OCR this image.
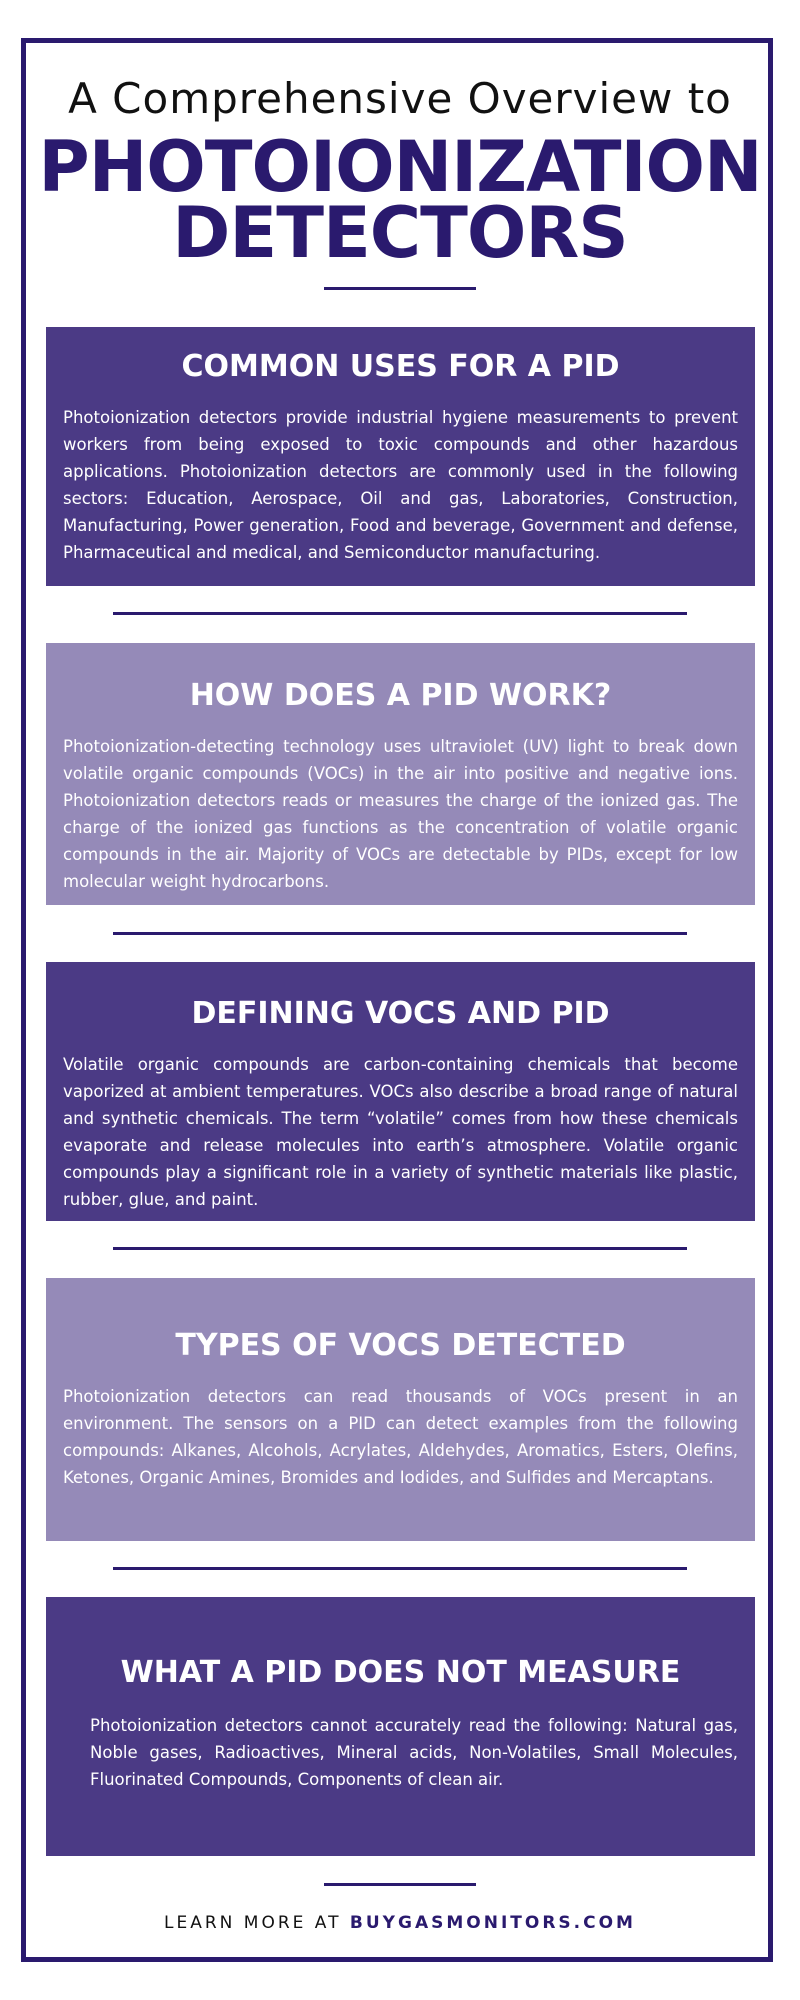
A Comprehensive Overview to
PHOTOIONIZATION
DETECTORS
COMMON USES FOR A PID

Photoionization detectors provide industrial hygiene measurements to prevent workers from being exposed to toxic compounds and other hazardous applications. Photoionization detectors are commonly used in the following sectors: Education, Aerospace, Oil and gas, Laboratories, Construction, Manufacturing, Power generation, Food and beverage, Government and defense, Pharmaceutical and medical, and Semiconductor manufacturing.

HOW DOES A PID WORK?

Photoionization-detecting technology uses ultraviolet (UV) light to break down volatile organic compounds (VOCs) in the air into positive and negative ions. Photoionization detectors reads or measures the charge of the ionized gas. The charge of the ionized gas functions as the concentration of volatile organic compounds in the air. Majority of VOCs are detectable by PIDs, except for low molecular weight hydrocarbons.

DEFINING VOCS AND PID

Volatile organic compounds are carbon-containing chemicals that become vaporized at ambient temperatures. VOCs also describe a broad range of natural and synthetic chemicals. The term “volatile” comes from how these chemicals evaporate and release molecules into earth’s atmosphere. Volatile organic compounds play a significant role in a variety of synthetic materials like plastic, rubber, glue, and paint.

TYPES OF VOCS DETECTED

Photoionization detectors can read thousands of VOCs present in an environment. The sensors on a PID can detect examples from the following compounds: Alkanes, Alcohols, Acrylates, Aldehydes, Aromatics, Esters, Olefins, Ketones, Organic Amines, Bromides and Iodides, and Sulfides and Mercaptans.

WHAT A PID DOES NOT MEASURE

Photoionization detectors cannot accurately read the following: Natural gas, Noble gases, Radioactives, Mineral acids, Non-Volatiles, Small Molecules, Fluorinated Compounds, Components of clean air.

LEARN MORE AT BUYGASMONITORS.COM
